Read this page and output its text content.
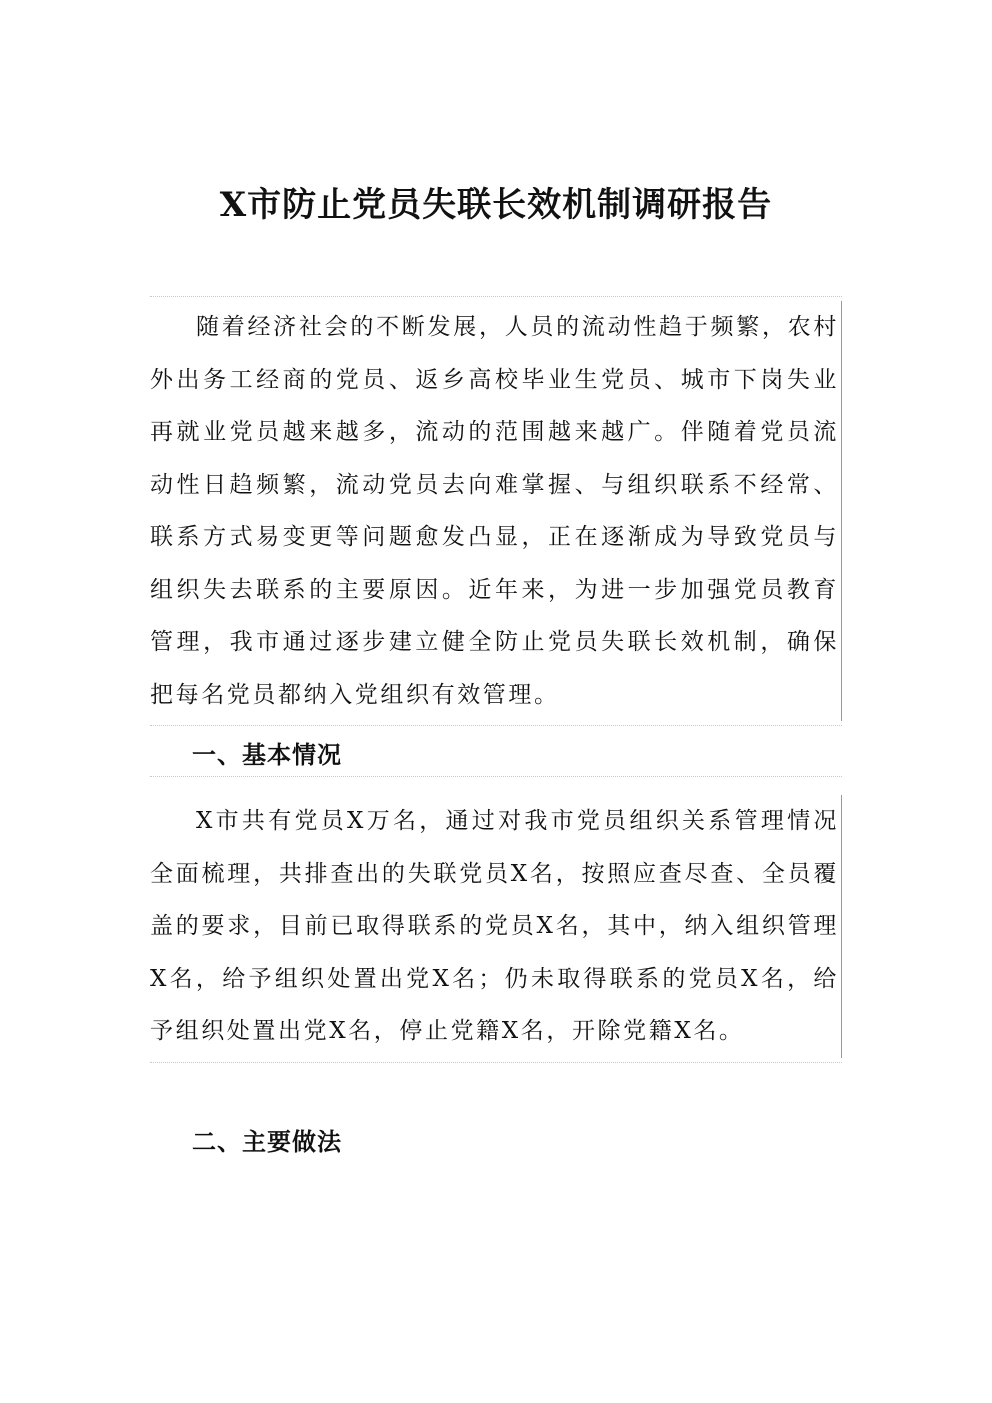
X市防止党员失联长效机制调研报告

随着经济社会的不断发展，人员的流动性趋于频繁，农村外出务工经商的党员、返乡高校毕业生党员、城市下岗失业再就业党员越来越多，流动的范围越来越广。伴随着党员流动性日趋频繁，流动党员去向难掌握、与组织联系不经常、联系方式易变更等问题愈发凸显，正在逐渐成为导致党员与组织失去联系的主要原因。近年来，为进一步加强党员教育管理，我市通过逐步建立健全防止党员失联长效机制，确保把每名党员都纳入党组织有效管理。

一、基本情况

X市共有党员X万名，通过对我市党员组织关系管理情况全面梳理，共排查出的失联党员X名，按照应查尽查、全员覆盖的要求，目前已取得联系的党员X名，其中，纳入组织管理X名，给予组织处置出党X名；仍未取得联系的党员X名，给予组织处置出党X名，停止党籍X名，开除党籍X名。

二、主要做法
